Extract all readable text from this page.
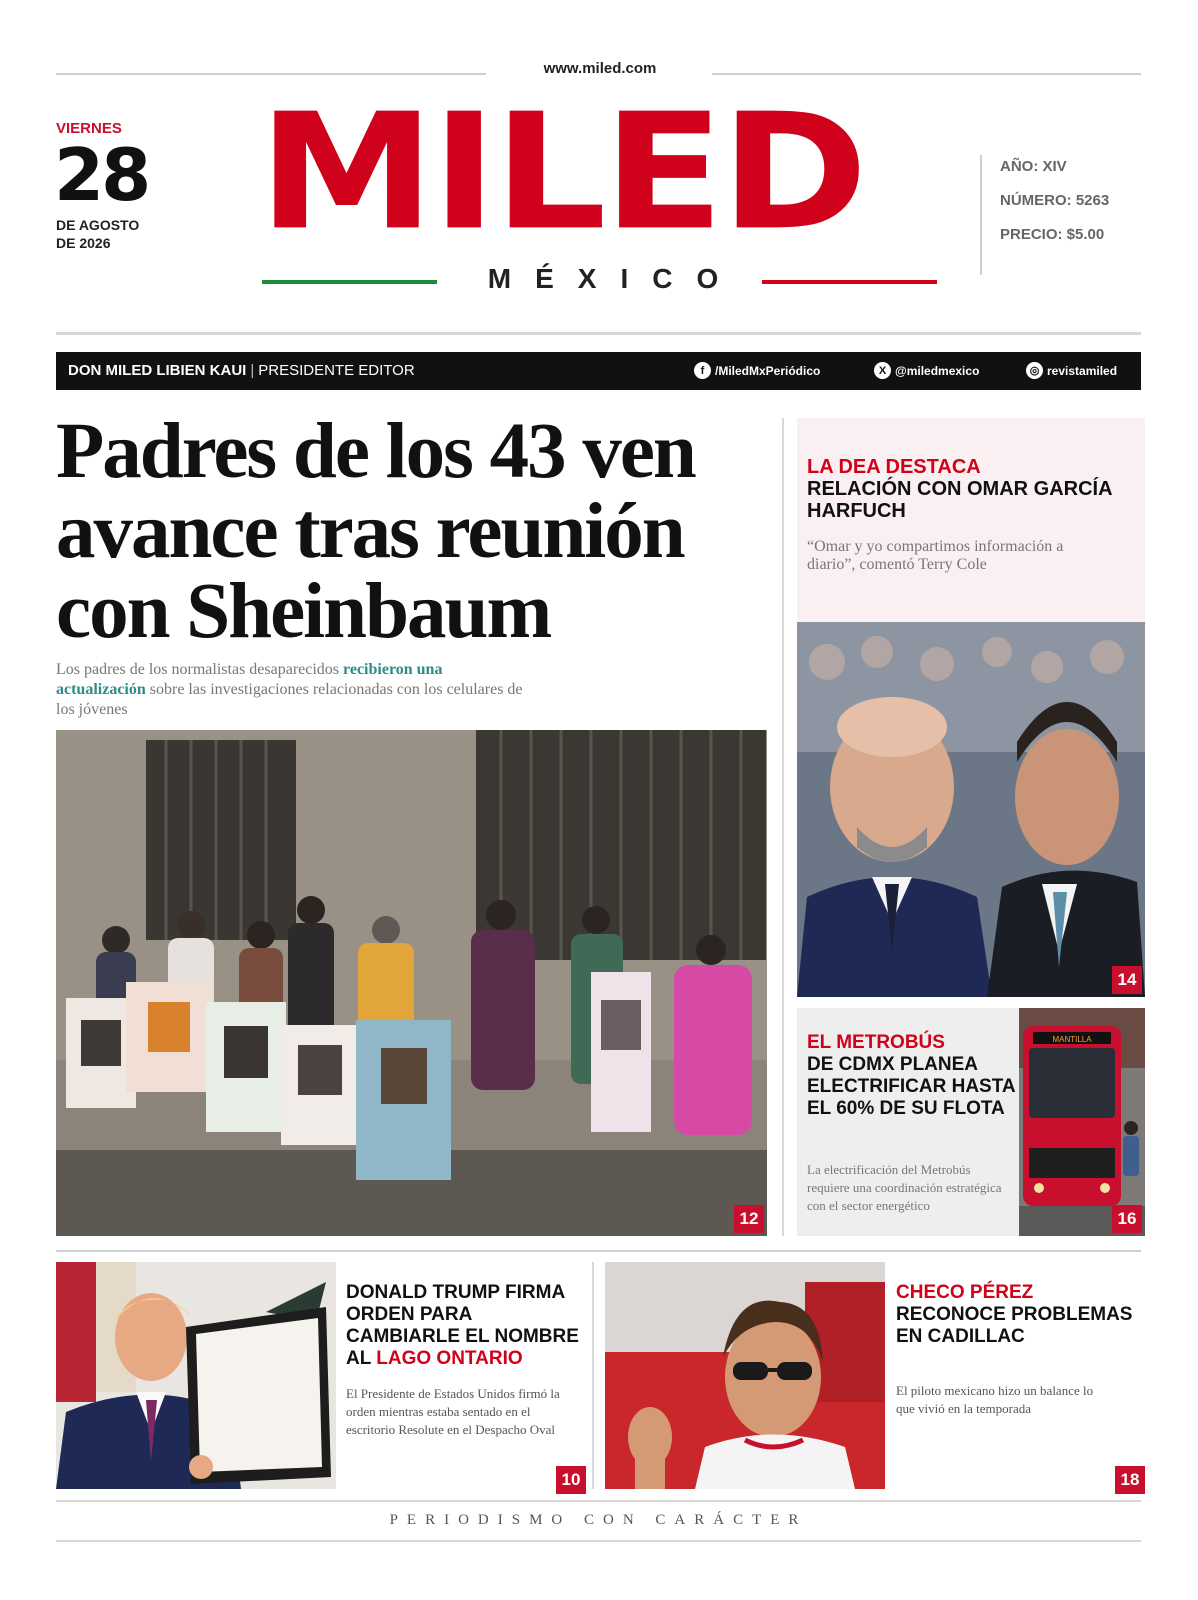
www.miled.com
VIERNES
28
DE AGOSTO
DE 2026 MILED
MÉXICO
AÑO: XIV
NÚMERO: 5263
PRECIO: $5.00
DON MILED LIBIEN KAUI | PRESIDENTE EDITOR	f /MiledMxPeriódico	X @miledmexico	◎ revistamiled
Padres de los 43 ven avance tras reunión con Sheinbaum
Los padres de los normalistas desaparecidos recibieron una actualización sobre las investigaciones relacionadas con los celulares de los jóvenes
12
LA DEA DESTACA
RELACIÓN CON OMAR GARCÍA HARFUCH
“Omar y yo compartimos información a diario”, comentó Terry Cole
14
EL METROBÚS
DE CDMX PLANEA ELECTRIFICAR HASTA EL 60% DE SU FLOTA
La electrificación del Metrobús requiere una coordinación estratégica con el sector energético
MANTILLA
16
DONALD TRUMP FIRMA ORDEN PARA CAMBIARLE EL NOMBRE AL LAGO ONTARIO
El Presidente de Estados Unidos firmó la orden mientras estaba sentado en el escritorio Resolute en el Despacho Oval
10
CHECO PÉREZ
RECONOCE PROBLEMAS EN CADILLAC
El piloto mexicano hizo un balance lo que vivió en la temporada
18
PERIODISMO CON CARÁCTER
